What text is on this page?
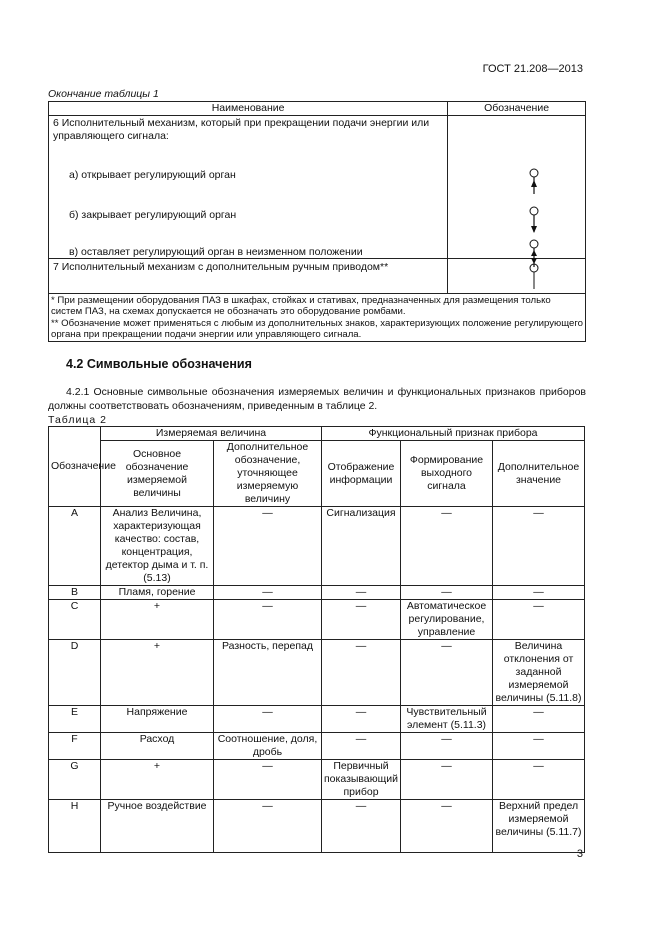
ГОСТ 21.208—2013
Окончание таблицы 1
Наименование	Обозначение

6 Исполнительный механизм, который при прекращении подачи энергии или управляющего сигнала:
а) открывает регулирующий орган
б) закрывает регулирующий орган
в) оставляет регулирующий орган в неизменном положении

7 Исполнительный механизм с дополнительным ручным приводом**

* При размещении оборудования ПАЗ в шкафах, стойках и стативах, предназначенных для размещения только систем ПАЗ, на схемах допускается не обозначать это оборудование ромбами.
** Обозначение может применяться с любым из дополнительных знаков, характеризующих положение регулирующего органа при прекращении подачи энергии или управляющего сигнала.	
4.2 Символьные обозначения
4.2.1 Основные символьные обозначения измеряемых величин и функциональных признаков приборов должны соответствовать обозначениям, приведенным в таблице 2.
Таблица 2
Обозначение	Измеряемая величина		Функциональный признак прибора		
	Основное обозначение измеряемой величины	Дополнительное обозначение, уточняющее измеряемую величину	Отображение информации	Формирование выходного сигнала	Дополнительное значение
A	Анализ Величина, характеризующая качество: состав, концентрация, детектор дыма и т. п. (5.13)	—	Сигнализация	—	—
B	Пламя, горение	—	—	—	—
C	+	—	—	Автоматическое регулирование, управление	—
D	+	Разность, перепад	—	—	Величина отклонения от заданной измеряемой величины (5.11.8)
E	Напряжение	—	—	Чувствительный элемент (5.11.3)	—
F	Расход	Соотношение, доля, дробь	—	—	—
G	+	—	Первичный показывающий прибор	—	—
H	Ручное воздействие	—	—	—	Верхний предел измеряемой величины (5.11.7)
3
